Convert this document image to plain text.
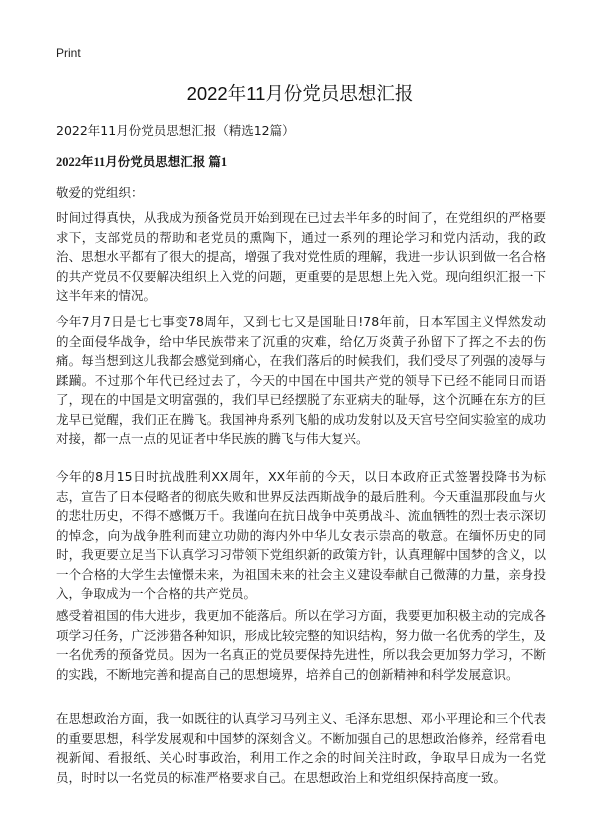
Print
2022年11月份党员思想汇报
2022年11月份党员思想汇报（精选12篇）
2022年11月份党员思想汇报 篇1
敬爱的党组织：

时间过得真快，从我成为预备党员开始到现在已过去半年多的时间了，在党组织的严格要求下，支部党员的帮助和老党员的熏陶下，通过一系列的理论学习和党内活动，我的政治、思想水平都有了很大的提高，增强了我对党性质的理解，我进一步认识到做一名合格的共产党员不仅要解决组织上入党的问题，更重要的是思想上先入党。现向组织汇报一下这半年来的情况。

今年7月7日是七七事变78周年，又到七七又是国耻日!78年前，日本军国主义悍然发动的全面侵华战争，给中华民族带来了沉重的灾难，给亿万炎黄子孙留下了挥之不去的伤痛。每当想到这儿我都会感觉到痛心，在我们落后的时候我们，我们受尽了列强的凌辱与蹂躏。不过那个年代已经过去了，今天的中国在中国共产党的领导下已经不能同日而语了，现在的中国是文明富强的，我们早已经摆脱了东亚病夫的耻辱，这个沉睡在东方的巨龙早已觉醒，我们正在腾飞。我国神舟系列飞船的成功发射以及天宫号空间实验室的成功对接，都一点一点的见证者中华民族的腾飞与伟大复兴。

今年的8月15日时抗战胜利XX周年，XX年前的今天，以日本政府正式签署投降书为标志，宣告了日本侵略者的彻底失败和世界反法西斯战争的最后胜利。今天重温那段血与火的悲壮历史，不得不感慨万千。我谨向在抗日战争中英勇战斗、流血牺牲的烈士表示深切的悼念，向为战争胜利而建立功勋的海内外中华儿女表示崇高的敬意。在缅怀历史的同时，我更要立足当下认真学习习带领下党组织新的政策方针，认真理解中国梦的含义，以一个合格的大学生去憧憬未来，为祖国未来的社会主义建设奉献自己微薄的力量，亲身投入，争取成为一个合格的共产党员。

感受着祖国的伟大进步，我更加不能落后。所以在学习方面，我要更加积极主动的完成各项学习任务，广泛涉猎各种知识，形成比较完整的知识结构，努力做一名优秀的学生，及一名优秀的预备党员。因为一名真正的党员要保持先进性，所以我会更加努力学习，不断的实践，不断地完善和提高自己的思想境界，培养自己的创新精神和科学发展意识。

在思想政治方面，我一如既往的认真学习马列主义、毛泽东思想、邓小平理论和三个代表的重要思想，科学发展观和中国梦的深刻含义。不断加强自己的思想政治修养，经常看电视新闻、看报纸、关心时事政治，利用工作之余的时间关注时政，争取早日成为一名党员，时时以一名党员的标准严格要求自己。在思想政治上和党组织保持高度一致。
